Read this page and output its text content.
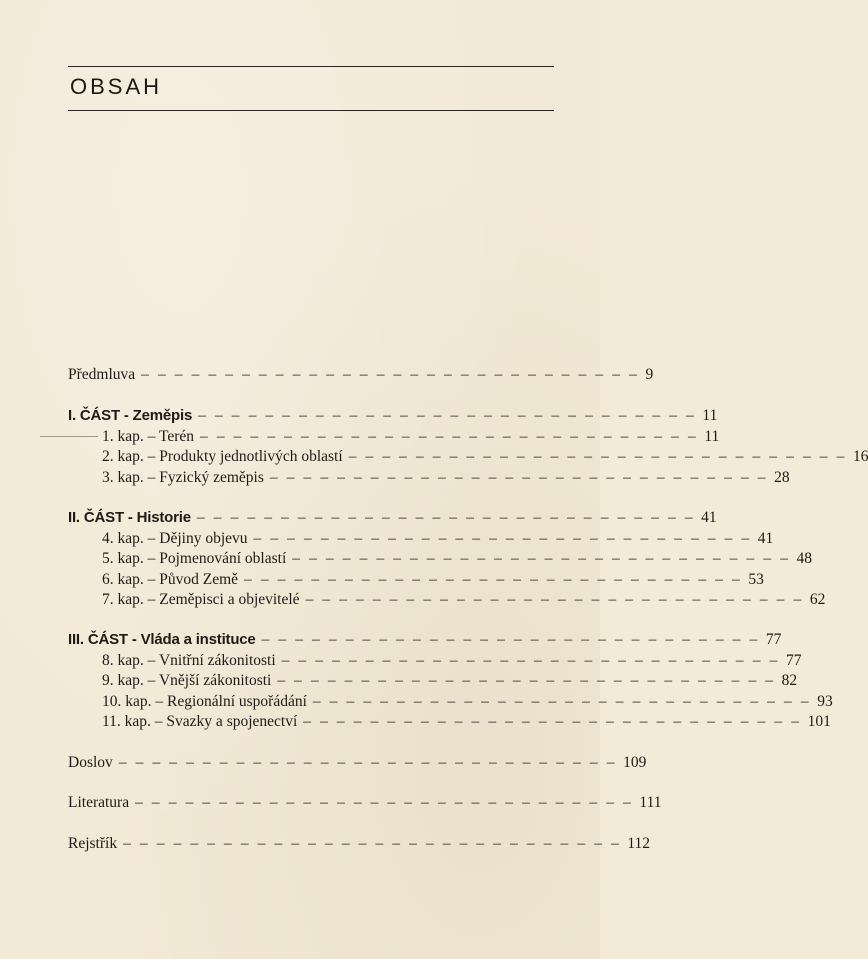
OBSAH
Předmluva – – – – – – – – – – – – – – – – – – – – – – – – – – – – – – 9
I. ČÁST - Zeměpis – – – – – – – – – – – – – – – – – – – – – – – – – – – – – – 11
1. kap. – Terén – – – – – – – – – – – – – – – – – – – – – – – – – – – – – – 11
2. kap. – Produkty jednotlivých oblastí – – – – – – – – – – – – – – – – – – – – – – – – – – – – – – 16
3. kap. – Fyzický zeměpis – – – – – – – – – – – – – – – – – – – – – – – – – – – – – – 28
II. ČÁST - Historie – – – – – – – – – – – – – – – – – – – – – – – – – – – – – – 41
4. kap. – Dějiny objevu – – – – – – – – – – – – – – – – – – – – – – – – – – – – – – 41
5. kap. – Pojmenování oblastí – – – – – – – – – – – – – – – – – – – – – – – – – – – – – – 48
6. kap. – Původ Země – – – – – – – – – – – – – – – – – – – – – – – – – – – – – – 53
7. kap. – Zeměpisci a objevitelé – – – – – – – – – – – – – – – – – – – – – – – – – – – – – – 62
III. ČÁST - Vláda a instituce – – – – – – – – – – – – – – – – – – – – – – – – – – – – – – 77
8. kap. – Vnitřní zákonitosti – – – – – – – – – – – – – – – – – – – – – – – – – – – – – – 77
9. kap. – Vnější zákonitosti – – – – – – – – – – – – – – – – – – – – – – – – – – – – – – 82
10. kap. – Regionální uspořádání – – – – – – – – – – – – – – – – – – – – – – – – – – – – – – 93
11. kap. – Svazky a spojenectví – – – – – – – – – – – – – – – – – – – – – – – – – – – – – – 101
Doslov – – – – – – – – – – – – – – – – – – – – – – – – – – – – – – 109
Literatura – – – – – – – – – – – – – – – – – – – – – – – – – – – – – – 111
Rejstřík – – – – – – – – – – – – – – – – – – – – – – – – – – – – – – 112
